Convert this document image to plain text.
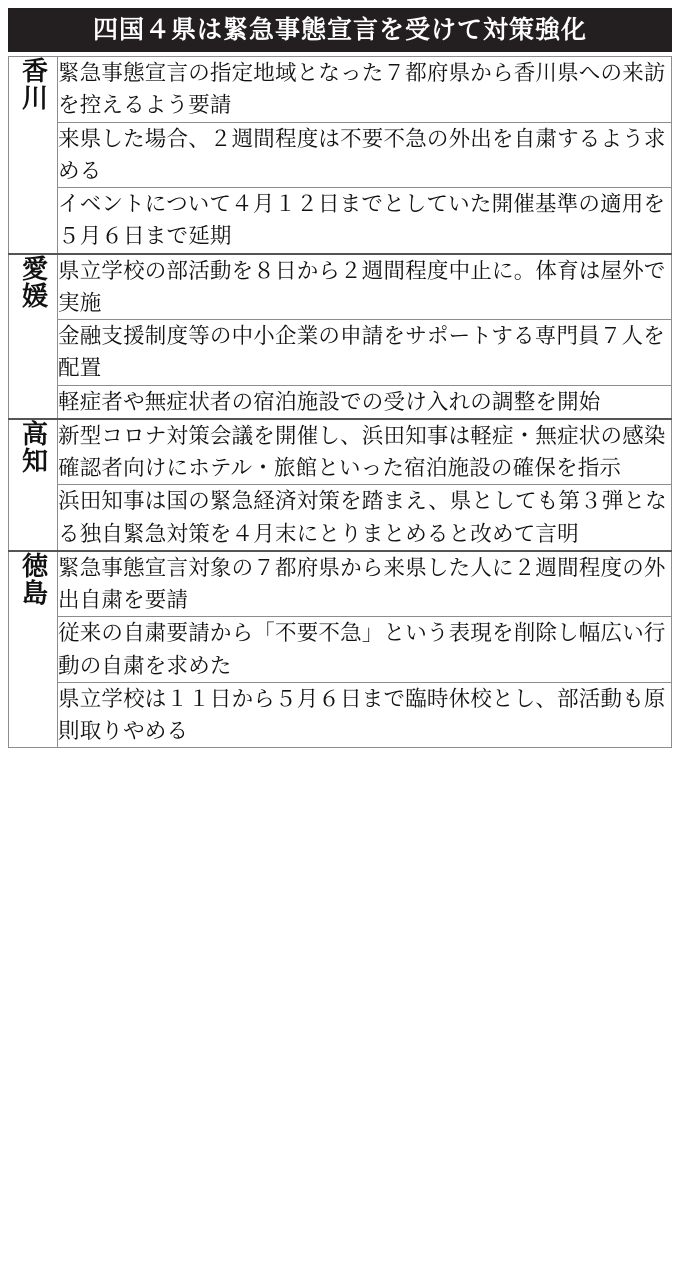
四国４県は緊急事態宣言を受けて対策強化
香川	緊急事態宣言の指定地域となった７都府県から香川県への来訪を控えるよう要請

	来県した場合、２週間程度は不要不急の外出を自粛するよう求める

	イベントについて４月１２日までとしていた開催基準の適用を５月６日まで延期

愛媛	県立学校の部活動を８日から２週間程度中止に。体育は屋外で実施

	金融支援制度等の中小企業の申請をサポートする専門員７人を配置

	軽症者や無症状者の宿泊施設での受け入れの調整を開始

高知	新型コロナ対策会議を開催し、浜田知事は軽症・無症状の感染確認者向けにホテル・旅館といった宿泊施設の確保を指示

	浜田知事は国の緊急経済対策を踏まえ、県としても第３弾となる独自緊急対策を４月末にとりまとめると改めて言明

徳島	緊急事態宣言対象の７都府県から来県した人に２週間程度の外出自粛を要請

	従来の自粛要請から「不要不急」という表現を削除し幅広い行動の自粛を求めた

	県立学校は１１日から５月６日まで臨時休校とし、部活動も原則取りやめる
